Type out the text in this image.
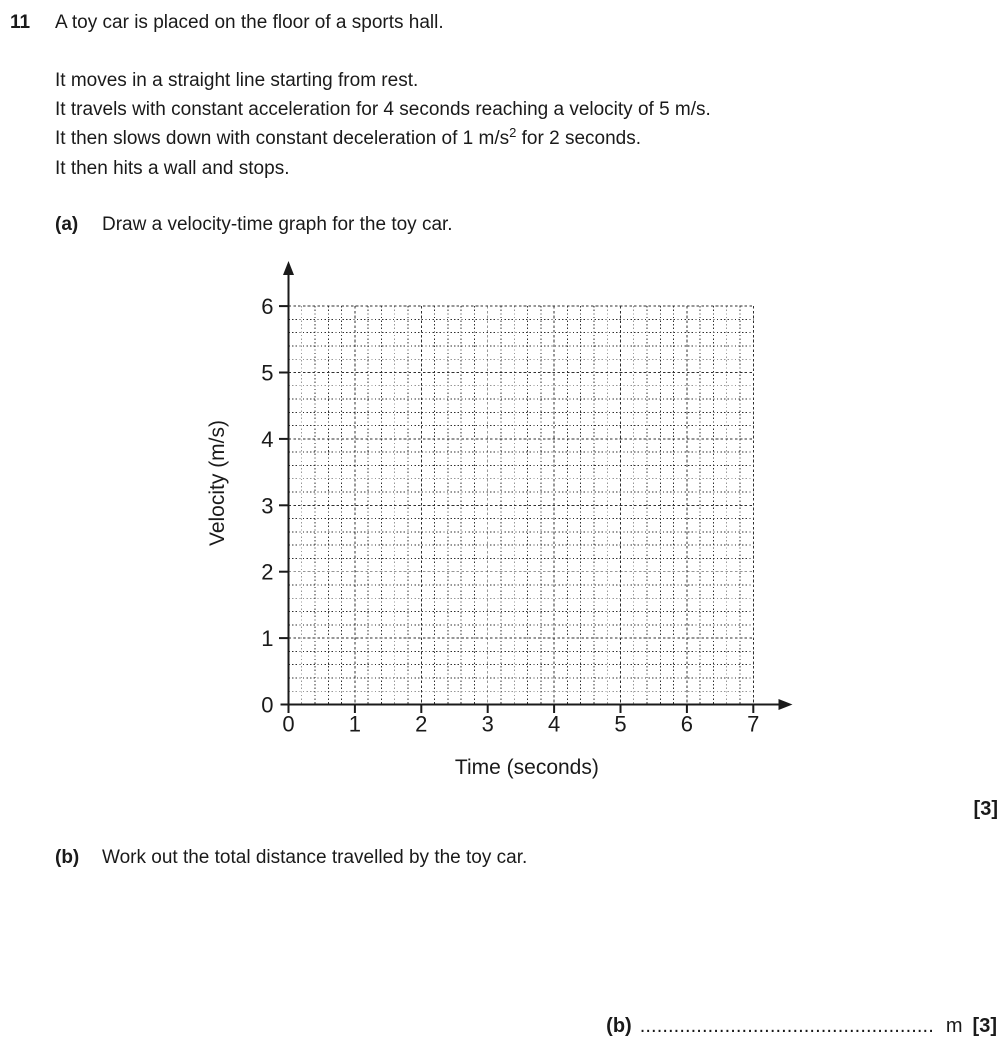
11 A toy car is placed on the floor of a sports hall.
It moves in a straight line starting from rest.
It travels with constant acceleration for 4 seconds reaching a velocity of 5 m/s.
It then slows down with constant deceleration of 1 $m/s^2$ for 2 seconds.
It then hits a wall and stops.
(a) Draw a velocity-time graph for the toy car.
0
1
2
3
4
5
6
0 1 2 3 4 5 6 7
Velocity (m/s)
Time (seconds)
[3]
(b) Work out the total distance travelled by the toy car.
(b) .................................................... m [3]
